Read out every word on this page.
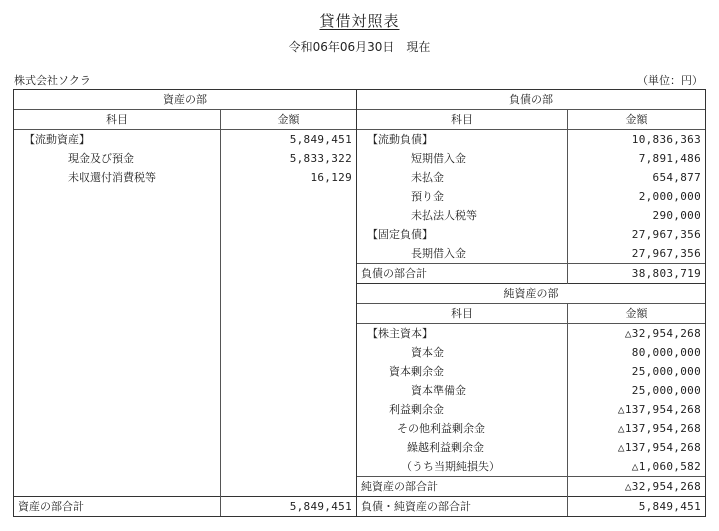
貸借対照表
令和06年06月30日　現在
株式会社ソクラ	（単位：円）
資産の部		負債の部	
科目	金額	科目	金額
【流動資産】	5,849,451	【流動負債】	10,836,363
現金及び預金	5,833,322	短期借入金	7,891,486
未収還付消費税等	16,129	未払金	654,877
		預り金	2,000,000
		未払法人税等	290,000
		【固定負債】	27,967,356
		長期借入金	27,967,356
		負債の部合計	38,803,719
		純資産の部	
		科目	金額
		【株主資本】	△32,954,268
		資本金	80,000,000
		資本剰余金	25,000,000
		資本準備金	25,000,000
		利益剰余金	△137,954,268
		その他利益剰余金	△137,954,268
		繰越利益剰余金	△137,954,268
		（うち当期純損失）	△1,060,582
		純資産の部合計	△32,954,268
資産の部合計	5,849,451	負債・純資産の部合計	5,849,451
